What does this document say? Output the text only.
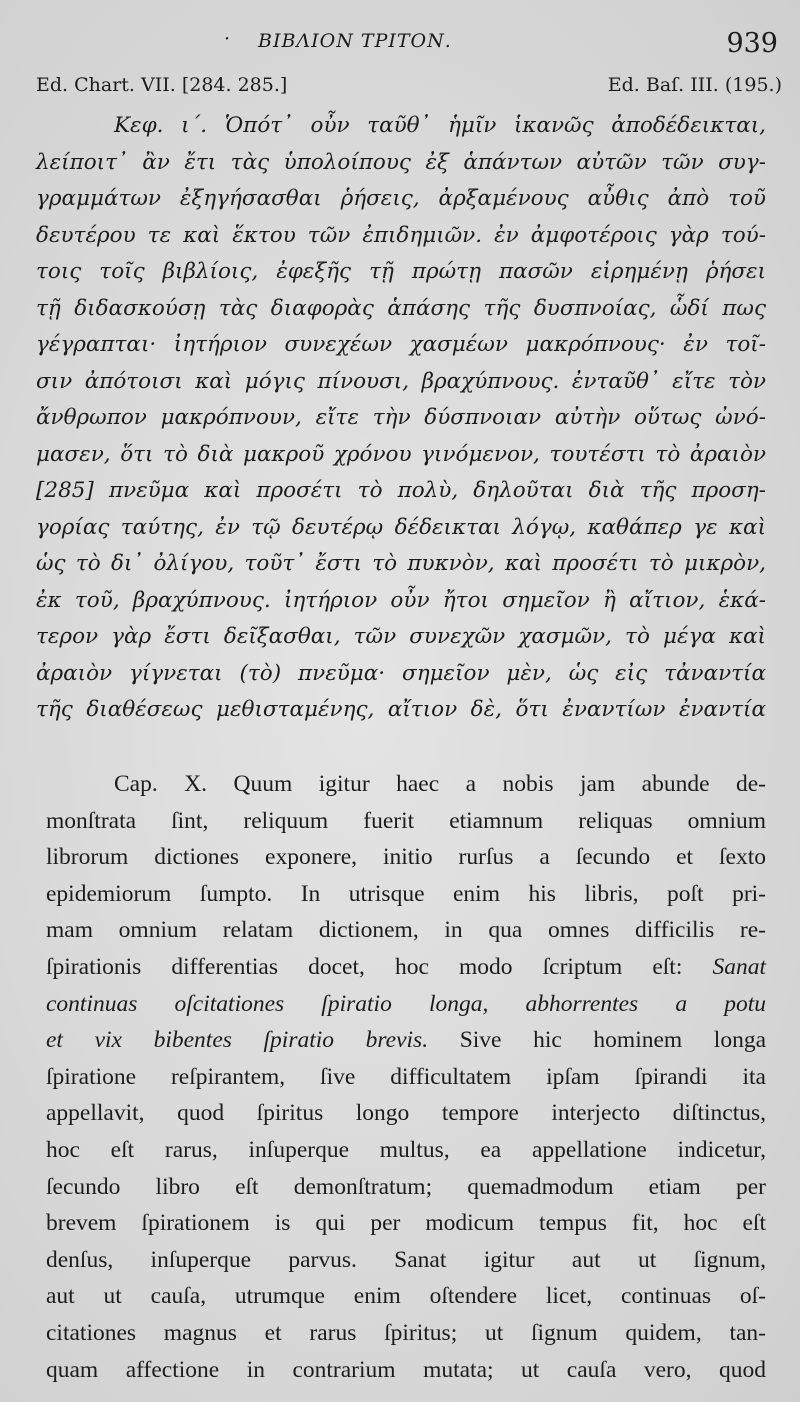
· ΒΙΒΛΙΟΝ ΤΡΙΤΟΝ.	939
Ed. Chart. VII. [284. 285.]	Ed. Baſ. III. (195.)
Κεφ. ι΄. Ὁπότ᾽ οὖν ταῦθ᾽ ἡμῖν ἱκανῶς ἀποδέδεικται,
λείποιτ᾽ ἂν ἔτι τὰς ὑπολοίπους ἐξ ἁπάντων αὐτῶν τῶν συγ-
γραμμάτων ἐξηγήσασθαι ῥήσεις, ἀρξαμένους αὖθις ἀπὸ τοῦ
δευτέρου τε καὶ ἕκτου τῶν ἐπιδημιῶν. ἐν ἀμφοτέροις γὰρ τού-
τοις τοῖς βιβλίοις, ἐφεξῆς τῇ πρώτῃ πασῶν εἰρημένῃ ῥήσει
τῇ διδασκούσῃ τὰς διαφορὰς ἁπάσης τῆς δυσπνοίας, ὧδί πως
γέγραπται· ἰητήριον συνεχέων χασμέων μακρόπνους· ἐν τοῖ-
σιν ἀπότοισι καὶ μόγις πίνουσι, βραχύπνους. ἐνταῦθ᾽ εἴτε τὸν
ἄνθρωπον μακρόπνουν, εἴτε τὴν δύσπνοιαν αὐτὴν οὕτως ὠνό-
μασεν, ὅτι τὸ διὰ μακροῦ χρόνου γινόμενον, τουτέστι τὸ ἀραιὸν
[285] πνεῦμα καὶ προσέτι τὸ πολὺ, δηλοῦται διὰ τῆς προση-
γορίας ταύτης, ἐν τῷ δευτέρῳ δέδεικται λόγῳ, καθάπερ γε καὶ
ὡς τὸ δι᾽ ὀλίγου, τοῦτ᾽ ἔστι τὸ πυκνὸν, καὶ προσέτι τὸ μικρὸν,
ἐκ τοῦ, βραχύπνους. ἰητήριον οὖν ἤτοι σημεῖον ἢ αἴτιον, ἑκά-
τερον γὰρ ἔστι δεῖξασθαι, τῶν συνεχῶν χασμῶν, τὸ μέγα καὶ
ἀραιὸν γίγνεται (τὸ) πνεῦμα· σημεῖον μὲν, ὡς εἰς τἀναντία
τῆς διαθέσεως μεθισταμένης, αἴτιον δὲ, ὅτι ἐναντίων ἐναντία
Cap. X. Quum igitur haec a nobis jam abunde de-
monſtrata ſint, reliquum fuerit etiamnum reliquas omnium
librorum dictiones exponere, initio rurſus a ſecundo et ſexto
epidemiorum ſumpto. In utrisque enim his libris, poſt pri-
mam omnium relatam dictionem, in qua omnes difficilis re-
ſpirationis differentias docet, hoc modo ſcriptum eſt: Sanat
continuas oſcitationes ſpiratio longa, abhorrentes a potu
et vix bibentes ſpiratio brevis. Sive hic hominem longa
ſpiratione reſpirantem, ſive difficultatem ipſam ſpirandi ita
appellavit, quod ſpiritus longo tempore interjecto diſtinctus,
hoc eſt rarus, inſuperque multus, ea appellatione indicetur,
ſecundo libro eſt demonſtratum; quemadmodum etiam per
brevem ſpirationem is qui per modicum tempus fit, hoc eſt
denſus, inſuperque parvus. Sanat igitur aut ut ſignum,
aut ut cauſa, utrumque enim oſtendere licet, continuas oſ-
citationes magnus et rarus ſpiritus; ut ſignum quidem, tan-
quam affectione in contrarium mutata; ut cauſa vero, quod
